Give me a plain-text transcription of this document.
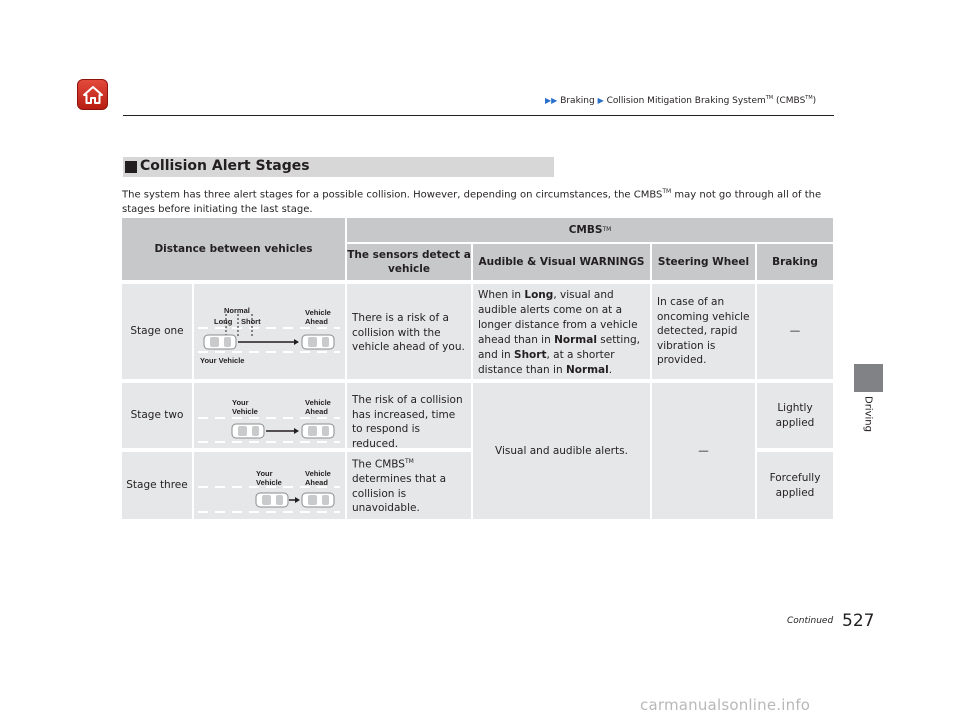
▶▶ Braking ▶ Collision Mitigation Braking System™ (CMBS™)
Driving
Collision Alert Stages
The system has three alert stages for a possible collision. However, depending on circumstances, the CMBS™ may not go through all of the stages before initiating the last stage.
Distance between vehicles
CMBS TM
The sensors detect a vehicle
Audible & Visual WARNINGS Steering Wheel Braking
Stage one
Normal
Long Short
Vehicle
Ahead
Your Vehicle
There is a risk of a collision with the vehicle ahead of you.
When in Long, visual and audible alerts come on at a longer distance from a vehicle ahead than in Normal setting, and in Short, at a shorter distance than in Normal.
In case of an oncoming vehicle detected, rapid vibration is provided.
—
Stage two
Your
Vehicle
Vehicle
Ahead
The risk of a collision has increased, time to respond is reduced.
Lightly applied
Visual and audible alerts.	—
Stage three
Your
Vehicle
Vehicle
Ahead
The CMBS™ determines that a collision is unavoidable.
Forcefully applied
Continued 527
carmanualsonline.info
